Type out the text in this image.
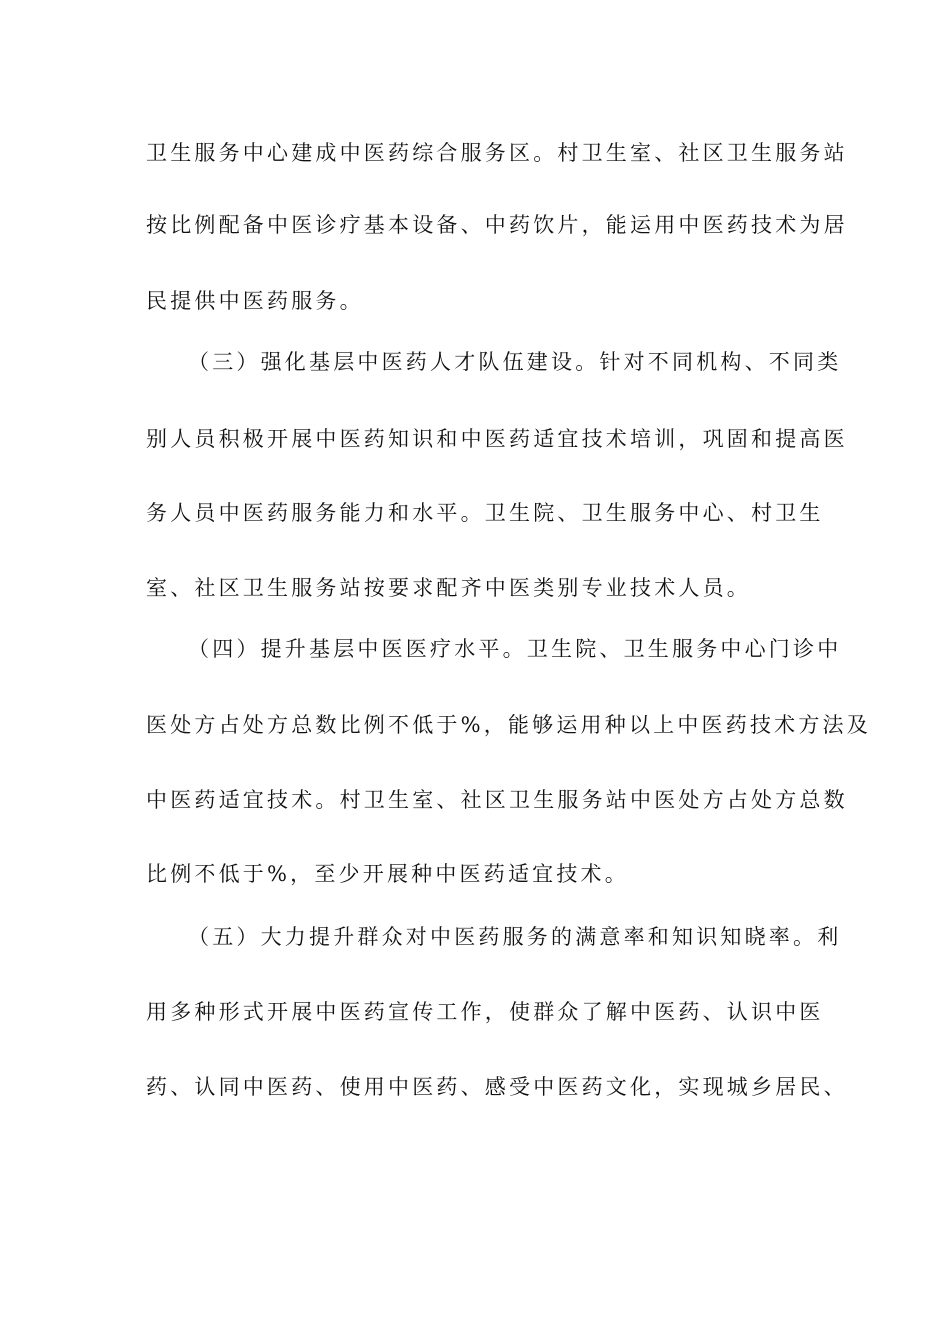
卫生服务中心建成中医药综合服务区。村卫生室、社区卫生服务站
按比例配备中医诊疗基本设备、中药饮片，能运用中医药技术为居
民提供中医药服务。
（三）强化基层中医药人才队伍建设。针对不同机构、不同类
别人员积极开展中医药知识和中医药适宜技术培训，巩固和提高医
务人员中医药服务能力和水平。卫生院、卫生服务中心、村卫生
室、社区卫生服务站按要求配齐中医类别专业技术人员。
（四）提升基层中医医疗水平。卫生院、卫生服务中心门诊中
医处方占处方总数比例不低于%，能够运用种以上中医药技术方法及
中医药适宜技术。村卫生室、社区卫生服务站中医处方占处方总数
比例不低于%，至少开展种中医药适宜技术。
（五）大力提升群众对中医药服务的满意率和知识知晓率。利
用多种形式开展中医药宣传工作，使群众了解中医药、认识中医
药、认同中医药、使用中医药、感受中医药文化，实现城乡居民、
